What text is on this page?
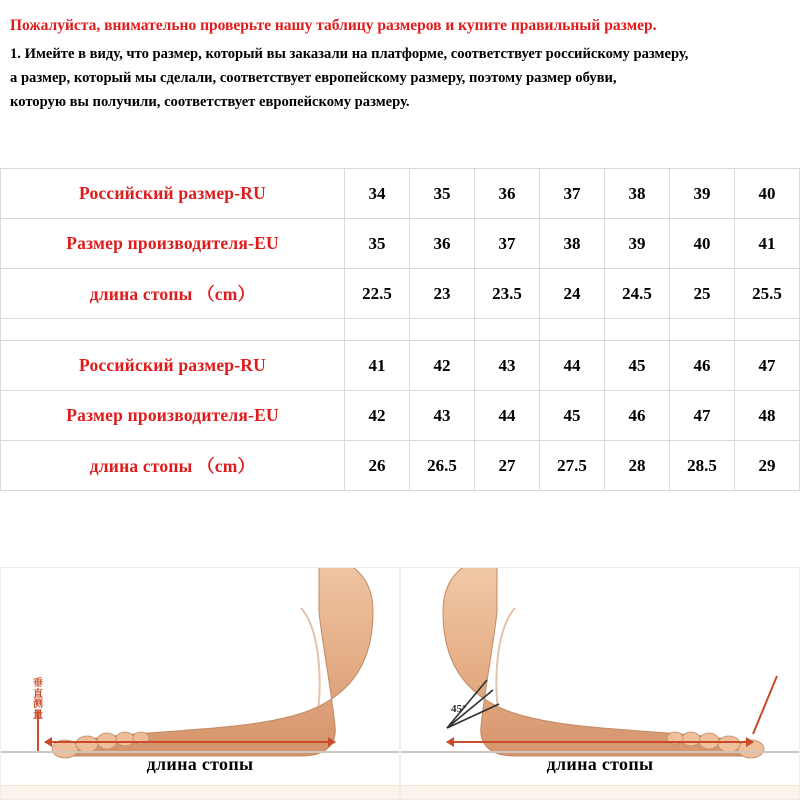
Пожалуйста, внимательно проверьте нашу таблицу размеров и купите правильный размер.

1. Имейте в виду, что размер, который вы заказали на платформе, соответствует российскому размеру,
а размер, который мы сделали, соответствует европейскому размеру, поэтому размер обуви,
которую вы получили, соответствует европейскому размеру.
Российский размер-RU	34	35	36	37	38	39	40
Размер производителя-EU	35	36	37	38	39	40	41
длина стопы （cm）	22.5	23	23.5	24	24.5	25	25.5

Российский размер-RU	41	42	43	44	45	46	47
Размер производителя-EU	42	43	44	45	46	47	48
длина стопы （cm）	26	26.5	27	27.5	28	28.5	29
垂直测量
длина стопы
45°
длина стопы
